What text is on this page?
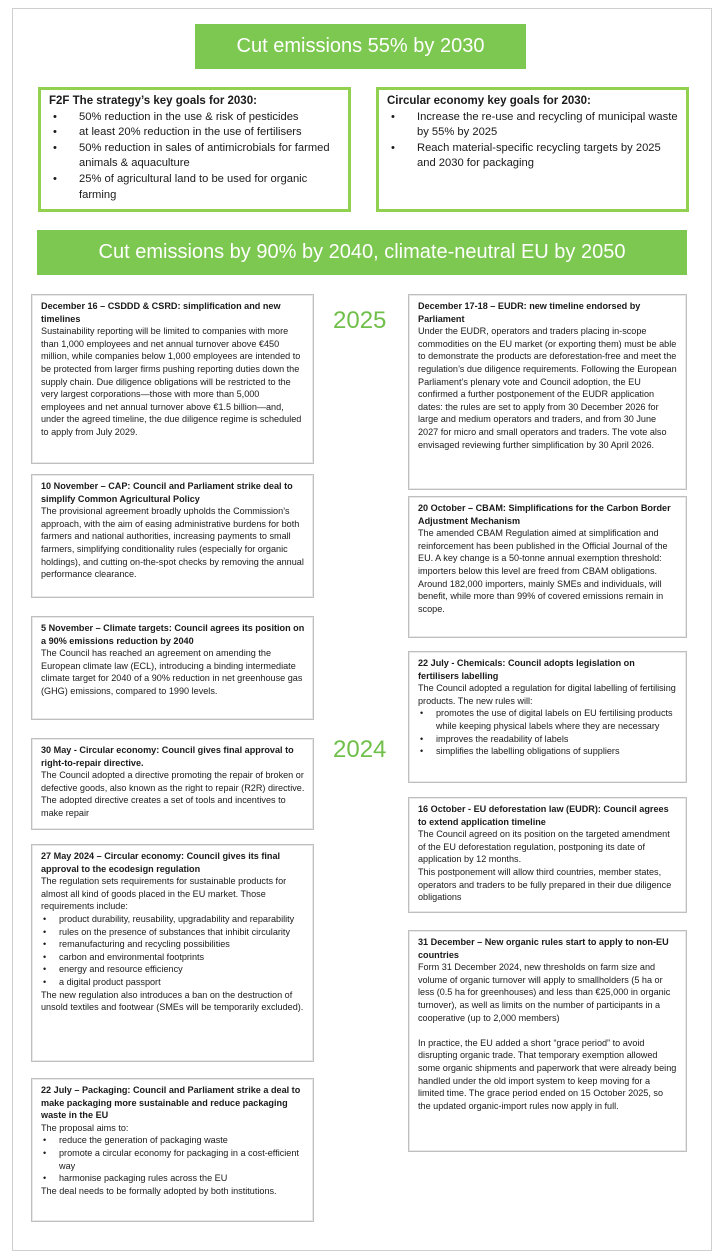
Cut emissions 55% by 2030
F2F The strategy’s key goals for 2030:
• 50% reduction in the use & risk of pesticides
• at least 20% reduction in the use of fertilisers
• 50% reduction in sales of antimicrobials for farmed animals & aquaculture
• 25% of agricultural land to be used for organic farming
Circular economy key goals for 2030:
• Increase the re-use and recycling of municipal waste by 55% by 2025
• Reach material-specific recycling targets by 2025 and 2030 for packaging
Cut emissions by 90% by 2040, climate-neutral EU by 2050
2025
2024
December 16 – CSDDD & CSRD: simplification and new timelines

Sustainability reporting will be limited to companies with more than 1,000 employees and net annual turnover above €450 million, while companies below 1,000 employees are intended to be protected from larger firms pushing reporting duties down the supply chain. Due diligence obligations will be restricted to the very largest corporations—those with more than 5,000 employees and net annual turnover above €1.5 billion—and, under the agreed timeline, the due diligence regime is scheduled to apply from July 2029.

10 November – CAP: Council and Parliament strike deal to simplify Common Agricultural Policy

The provisional agreement broadly upholds the Commission’s approach, with the aim of easing administrative burdens for both farmers and national authorities, increasing payments to small farmers, simplifying conditionality rules (especially for organic holdings), and cutting on-the-spot checks by removing the annual performance clearance.

5 November – Climate targets: Council agrees its position on a 90% emissions reduction by 2040

The Council has reached an agreement on amending the European climate law (ECL), introducing a binding intermediate climate target for 2040 of a 90% reduction in net greenhouse gas (GHG) emissions, compared to 1990 levels.

30 May - Circular economy: Council gives final approval to right-to-repair directive.

The Council adopted a directive promoting the repair of broken or defective goods, also known as the right to repair (R2R) directive. The adopted directive creates a set of tools and incentives to make repair

27 May 2024 – Circular economy: Council gives its final approval to the ecodesign regulation

The regulation sets requirements for sustainable products for almost all kind of goods placed in the EU market. Those requirements include:

• product durability, reusability, upgradability and reparability
• rules on the presence of substances that inhibit circularity
• remanufacturing and recycling possibilities
• carbon and environmental footprints
• energy and resource efficiency
• a digital product passport

The new regulation also introduces a ban on the destruction of unsold textiles and footwear (SMEs will be temporarily excluded).

22 July – Packaging: Council and Parliament strike a deal to make packaging more sustainable and reduce packaging waste in the EU

The proposal aims to:

• reduce the generation of packaging waste
• promote a circular economy for packaging in a cost-efficient way
• harmonise packaging rules across the EU

The deal needs to be formally adopted by both institutions.

December 17-18 – EUDR: new timeline endorsed by Parliament

Under the EUDR, operators and traders placing in-scope commodities on the EU market (or exporting them) must be able to demonstrate the products are deforestation-free and meet the regulation’s due diligence requirements. Following the European Parliament’s plenary vote and Council adoption, the EU confirmed a further postponement of the EUDR application dates: the rules are set to apply from 30 December 2026 for large and medium operators and traders, and from 30 June 2027 for micro and small operators and traders. The vote also envisaged reviewing further simplification by 30 April 2026.

20 October – CBAM: Simplifications for the Carbon Border Adjustment Mechanism

The amended CBAM Regulation aimed at simplification and reinforcement has been published in the Official Journal of the EU. A key change is a 50-tonne annual exemption threshold: importers below this level are freed from CBAM obligations. Around 182,000 importers, mainly SMEs and individuals, will benefit, while more than 99% of covered emissions remain in scope.

22 July - Chemicals: Council adopts legislation on fertilisers labelling

The Council adopted a regulation for digital labelling of fertilising products. The new rules will:

• promotes the use of digital labels on EU fertilising products while keeping physical labels where they are necessary
• improves the readability of labels
• simplifies the labelling obligations of suppliers
16 October - EU deforestation law (EUDR): Council agrees to extend application timeline

The Council agreed on its position on the targeted amendment of the EU deforestation regulation, postponing its date of application by 12 months.
This postponement will allow third countries, member states, operators and traders to be fully prepared in their due diligence obligations

31 December – New organic rules start to apply to non-EU countries

Form 31 December 2024, new thresholds on farm size and volume of organic turnover will apply to smallholders (5 ha or less (0.5 ha for greenhouses) and less than €25,000 in organic turnover), as well as limits on the number of participants in a cooperative (up to 2,000 members)

In practice, the EU added a short “grace period” to avoid disrupting organic trade. That temporary exemption allowed some organic shipments and paperwork that were already being handled under the old import system to keep moving for a limited time. The grace period ended on 15 October 2025, so the updated organic-import rules now apply in full.
